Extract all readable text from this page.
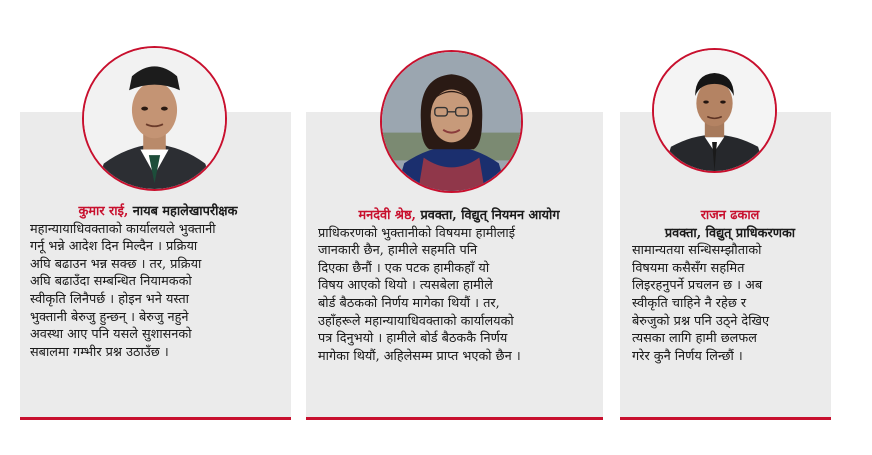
कुमार राई, नायब महालेखापरीक्षक
महान्यायाधिवक्ताको कार्यालयले भुक्तानी
गर्नू भन्ने आदेश दिन मिल्दैन । प्रक्रिया
अघि बढाउन भन्न सक्छ । तर, प्रक्रिया
अघि बढाउँदा सम्बन्धित नियामकको
स्वीकृति लिनैपर्छ । होइन भने यस्ता
भुक्तानी बेरुजु हुन्छन् । बेरुजु नहुने
अवस्था आए पनि यसले सुशासनको
सबालमा गम्भीर प्रश्न उठाउँछ ।
मनदेवी श्रेष्ठ, प्रवक्ता, विद्युत् नियमन आयोग
प्राधिकरणको भुक्तानीको विषयमा हामीलाई
जानकारी छैन, हामीले सहमति पनि
दिएका छैनौं । एक पटक हामीकहाँ यो
विषय आएको थियो । त्यसबेला हामीले
बोर्ड बैठकको निर्णय मागेका थियौं । तर,
उहाँहरूले महान्यायाधिवक्ताको कार्यालयको
पत्र दिनुभयो । हामीले बोर्ड बैठककै निर्णय
मागेका थियौं, अहिलेसम्म प्राप्त भएको छैन ।
राजन ढकाल
प्रवक्ता, विद्युत् प्राधिकरणका
सामान्यतया सन्धिसम्झौताको
विषयमा कसैसँग सहमित
लिइरहनुपर्ने प्रचलन छ । अब
स्वीकृति चाहिने नै रहेछ र
बेरुजुको प्रश्न पनि उठ्ने देखिए
त्यसका लागि हामी छलफल
गरेर कुनै निर्णय लिन्छौं ।
